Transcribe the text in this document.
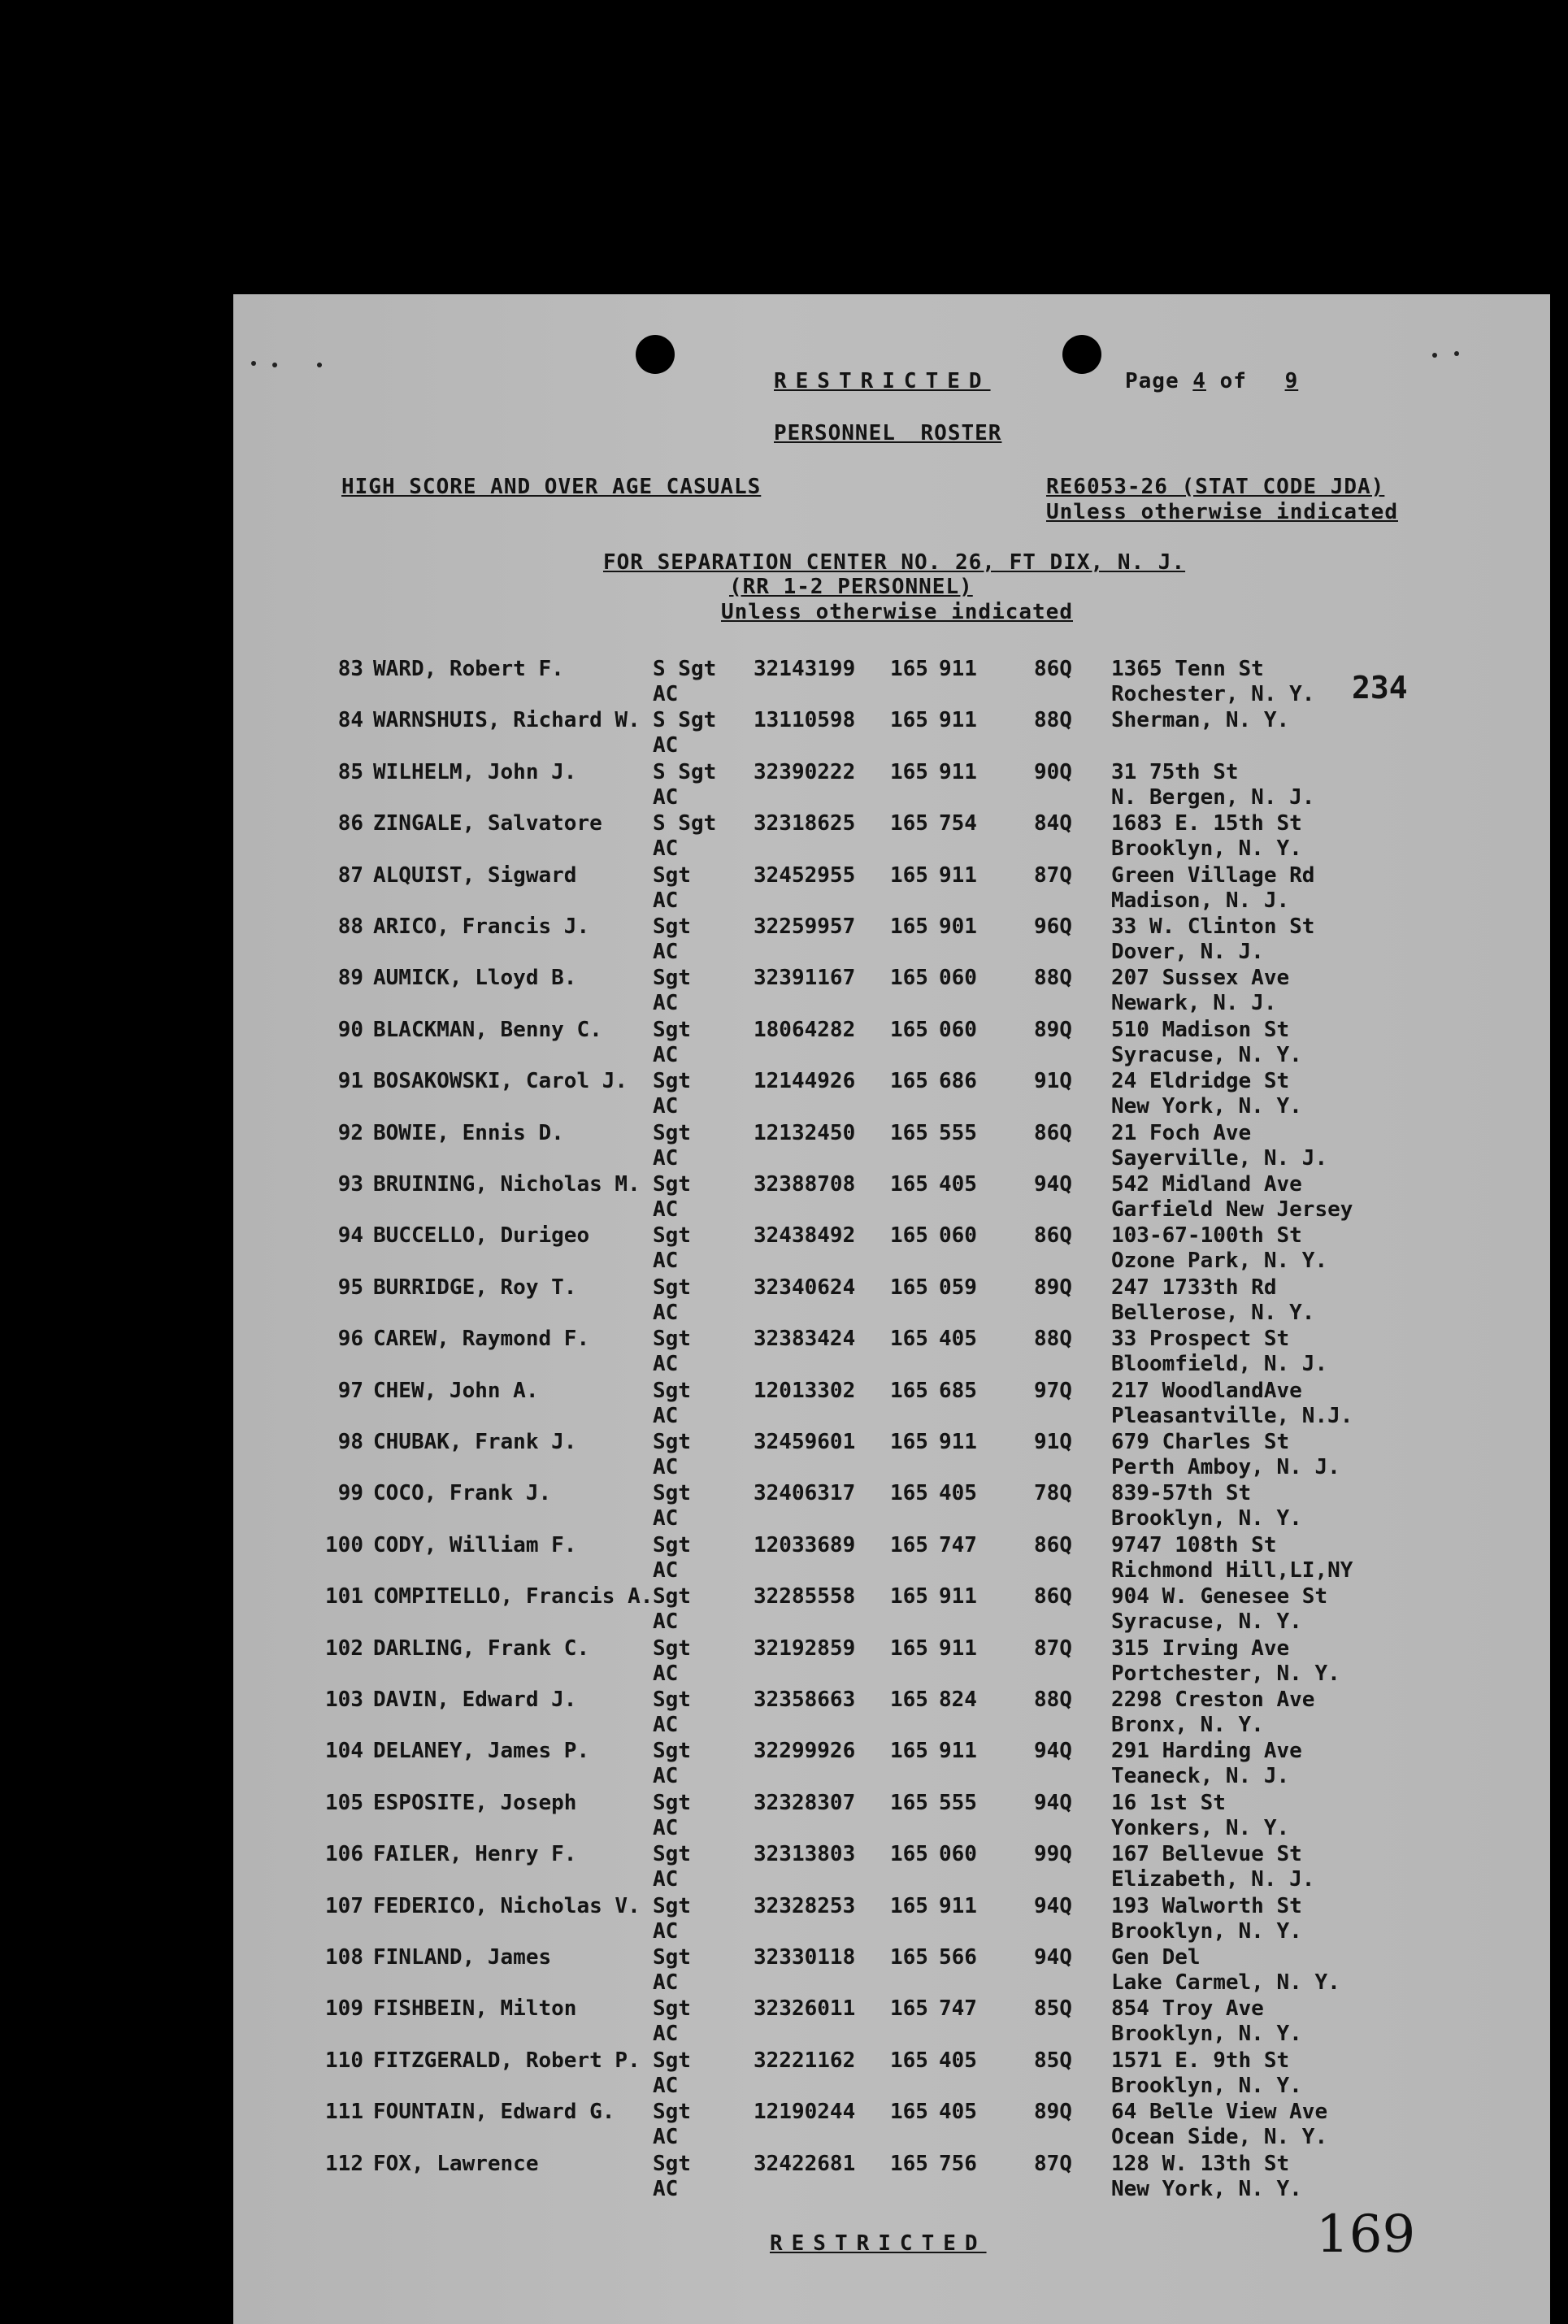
RESTRICTED	Page 4 of 9
PERSONNEL ROSTER
HIGH SCORE AND OVER AGE CASUALS	RE6053-26 (STAT CODE JDA)
Unless otherwise indicated
FOR SEPARATION CENTER NO. 26, FT DIX, N. J.
(RR 1-2 PERSONNEL)
Unless otherwise indicated
234
83 WARD, Robert F.	S Sgt 32143199 165 911	86Q 1365 Tenn St
AC	Rochester, N. Y.
84 WARNSHUIS, Richard W. S Sgt 13110598 165 911	88Q Sherman, N. Y.
AC
85 WILHELM, John J.	S Sgt 32390222 165 911	90Q 31 75th St
AC	N. Bergen, N. J.
86 ZINGALE, Salvatore S Sgt 32318625 165 754	84Q 1683 E. 15th St
AC	Brooklyn, N. Y.
87 ALQUIST, Sigward	Sgt	32452955 165 911	87Q Green Village Rd
AC	Madison, N. J.
88 ARICO, Francis J.	Sgt	32259957 165 901	96Q 33 W. Clinton St
AC	Dover, N. J.
89 AUMICK, Lloyd B.	Sgt	32391167 165 060	88Q 207 Sussex Ave
AC	Newark, N. J.
90 BLACKMAN, Benny C. Sgt	18064282 165 060	89Q 510 Madison St
AC	Syracuse, N. Y.
91 BOSAKOWSKI, Carol J. Sgt	12144926 165 686	91Q 24 Eldridge St
AC	New York, N. Y.
92 BOWIE, Ennis D.	Sgt	12132450 165 555	86Q 21 Foch Ave
AC	Sayerville, N. J.
93 BRUINING, Nicholas M. Sgt	32388708 165 405	94Q 542 Midland Ave
AC	Garfield New Jersey
94 BUCCELLO, Durigeo	Sgt	32438492 165 060	86Q 103-67-100th St
AC	Ozone Park, N. Y.
95 BURRIDGE, Roy T.	Sgt	32340624 165 059	89Q 247 1733th Rd
AC	Bellerose, N. Y.
96 CAREW, Raymond F.	Sgt	32383424 165 405	88Q 33 Prospect St
AC	Bloomfield, N. J.
97 CHEW, John A.	Sgt	12013302 165 685	97Q 217 WoodlandAve
AC	Pleasantville, N.J.
98 CHUBAK, Frank J.	Sgt	32459601 165 911	91Q 679 Charles St
AC	Perth Amboy, N. J.
99 COCO, Frank J.	Sgt	32406317 165 405	78Q 839-57th St
AC	Brooklyn, N. Y.
100 CODY, William F.	Sgt	12033689 165 747	86Q 9747 108th St
AC	Richmond Hill,LI,NY
101 COMPITELLO, Francis A. Sgt	32285558 165 911	86Q 904 W. Genesee St
AC	Syracuse, N. Y.
102 DARLING, Frank C.	Sgt	32192859 165 911	87Q 315 Irving Ave
AC	Portchester, N. Y.
103 DAVIN, Edward J.	Sgt	32358663 165 824	88Q 2298 Creston Ave
AC	Bronx, N. Y.
104 DELANEY, James P.	Sgt	32299926 165 911	94Q 291 Harding Ave
AC	Teaneck, N. J.
105 ESPOSITE, Joseph	Sgt	32328307 165 555	94Q 16 1st St
AC	Yonkers, N. Y.
106 FAILER, Henry F.	Sgt	32313803 165 060	99Q 167 Bellevue St
AC	Elizabeth, N. J.
107 FEDERICO, Nicholas V. Sgt	32328253 165 911	94Q 193 Walworth St
AC	Brooklyn, N. Y.
108 FINLAND, James	Sgt	32330118 165 566	94Q Gen Del
AC	Lake Carmel, N. Y.
109 FISHBEIN, Milton	Sgt	32326011 165 747	85Q 854 Troy Ave
AC	Brooklyn, N. Y.
110 FITZGERALD, Robert P. Sgt	32221162 165 405	85Q 1571 E. 9th St
AC	Brooklyn, N. Y.
111 FOUNTAIN, Edward G. Sgt	12190244 165 405	89Q 64 Belle View Ave
AC	Ocean Side, N. Y.
112 FOX, Lawrence	Sgt	32422681 165 756	87Q 128 W. 13th St
AC	New York, N. Y.
RESTRICTED	169
